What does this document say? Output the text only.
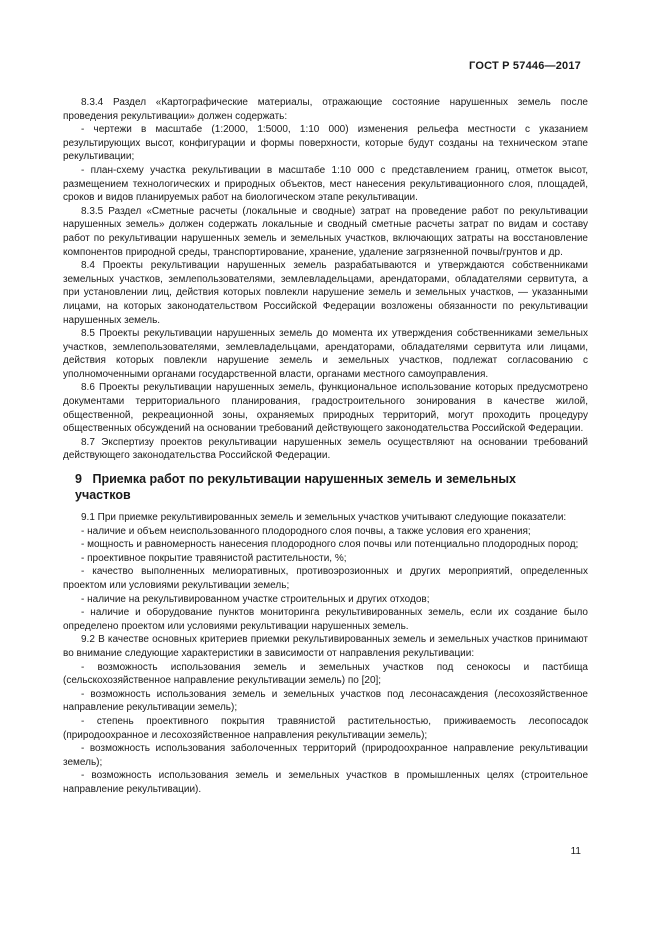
ГОСТ Р 57446—2017

8.3.4 Раздел «Картографические материалы, отражающие состояние нарушенных земель после проведения рекультивации» должен содержать:

- чертежи в масштабе (1:2000, 1:5000, 1:10 000) изменения рельефа местности с указанием результирующих высот, конфигурации и формы поверхности, которые будут созданы на техническом этапе рекультивации;

- план-схему участка рекультивации в масштабе 1:10 000 с представлением границ, отметок высот, размещением технологических и природных объектов, мест нанесения рекультивационного слоя, площадей, сроков и видов планируемых работ на биологическом этапе рекультивации.

8.3.5 Раздел «Сметные расчеты (локальные и сводные) затрат на проведение работ по рекультивации нарушенных земель» должен содержать локальные и сводный сметные расчеты затрат по видам и составу работ по рекультивации нарушенных земель и земельных участков, включающих затраты на восстановление компонентов природной среды, транспортирование, хранение, удаление загрязненной почвы/грунтов и др.

8.4 Проекты рекультивации нарушенных земель разрабатываются и утверждаются собственниками земельных участков, землепользователями, землевладельцами, арендаторами, обладателями сервитута, а при установлении лиц, действия которых повлекли нарушение земель и земельных участков, — указанными лицами, на которых законодательством Российской Федерации возложены обязанности по рекультивации нарушенных земель.

8.5 Проекты рекультивации нарушенных земель до момента их утверждения собственниками земельных участков, землепользователями, землевладельцами, арендаторами, обладателями сервитута или лицами, действия которых повлекли нарушение земель и земельных участков, подлежат согласованию с уполномоченными органами государственной власти, органами местного самоуправления.

8.6 Проекты рекультивации нарушенных земель, функциональное использование которых предусмотрено документами территориального планирования, градостроительного зонирования в качестве жилой, общественной, рекреационной зоны, охраняемых природных территорий, могут проходить процедуру общественных обсуждений на основании требований действующего законодательства Российской Федерации.

8.7 Экспертизу проектов рекультивации нарушенных земель осуществляют на основании требований действующего законодательства Российской Федерации.

9 Приемка работ по рекультивации нарушенных земель и земельных
участков

9.1 При приемке рекультивированных земель и земельных участков учитывают следующие показатели:

- наличие и объем неиспользованного плодородного слоя почвы, а также условия его хранения;

- мощность и равномерность нанесения плодородного слоя почвы или потенциально плодородных пород;

- проективное покрытие травянистой растительности, %;

- качество выполненных мелиоративных, противоэрозионных и других мероприятий, определенных проектом или условиями рекультивации земель;

- наличие на рекультивированном участке строительных и других отходов;

- наличие и оборудование пунктов мониторинга рекультивированных земель, если их создание было определено проектом или условиями рекультивации нарушенных земель.

9.2 В качестве основных критериев приемки рекультивированных земель и земельных участков принимают во внимание следующие характеристики в зависимости от направления рекультивации:

- возможность использования земель и земельных участков под сенокосы и пастбища (сельскохозяйственное направление рекультивации земель) по [20];

- возможность использования земель и земельных участков под лесонасаждения (лесохозяйственное направление рекультивации земель);

- степень проективного покрытия травянистой растительностью, приживаемость лесопосадок (природоохранное и лесохозяйственное направления рекультивации земель);

- возможность использования заболоченных территорий (природоохранное направление рекультивации земель);

- возможность использования земель и земельных участков в промышленных целях (строительное направление рекультивации).

11
